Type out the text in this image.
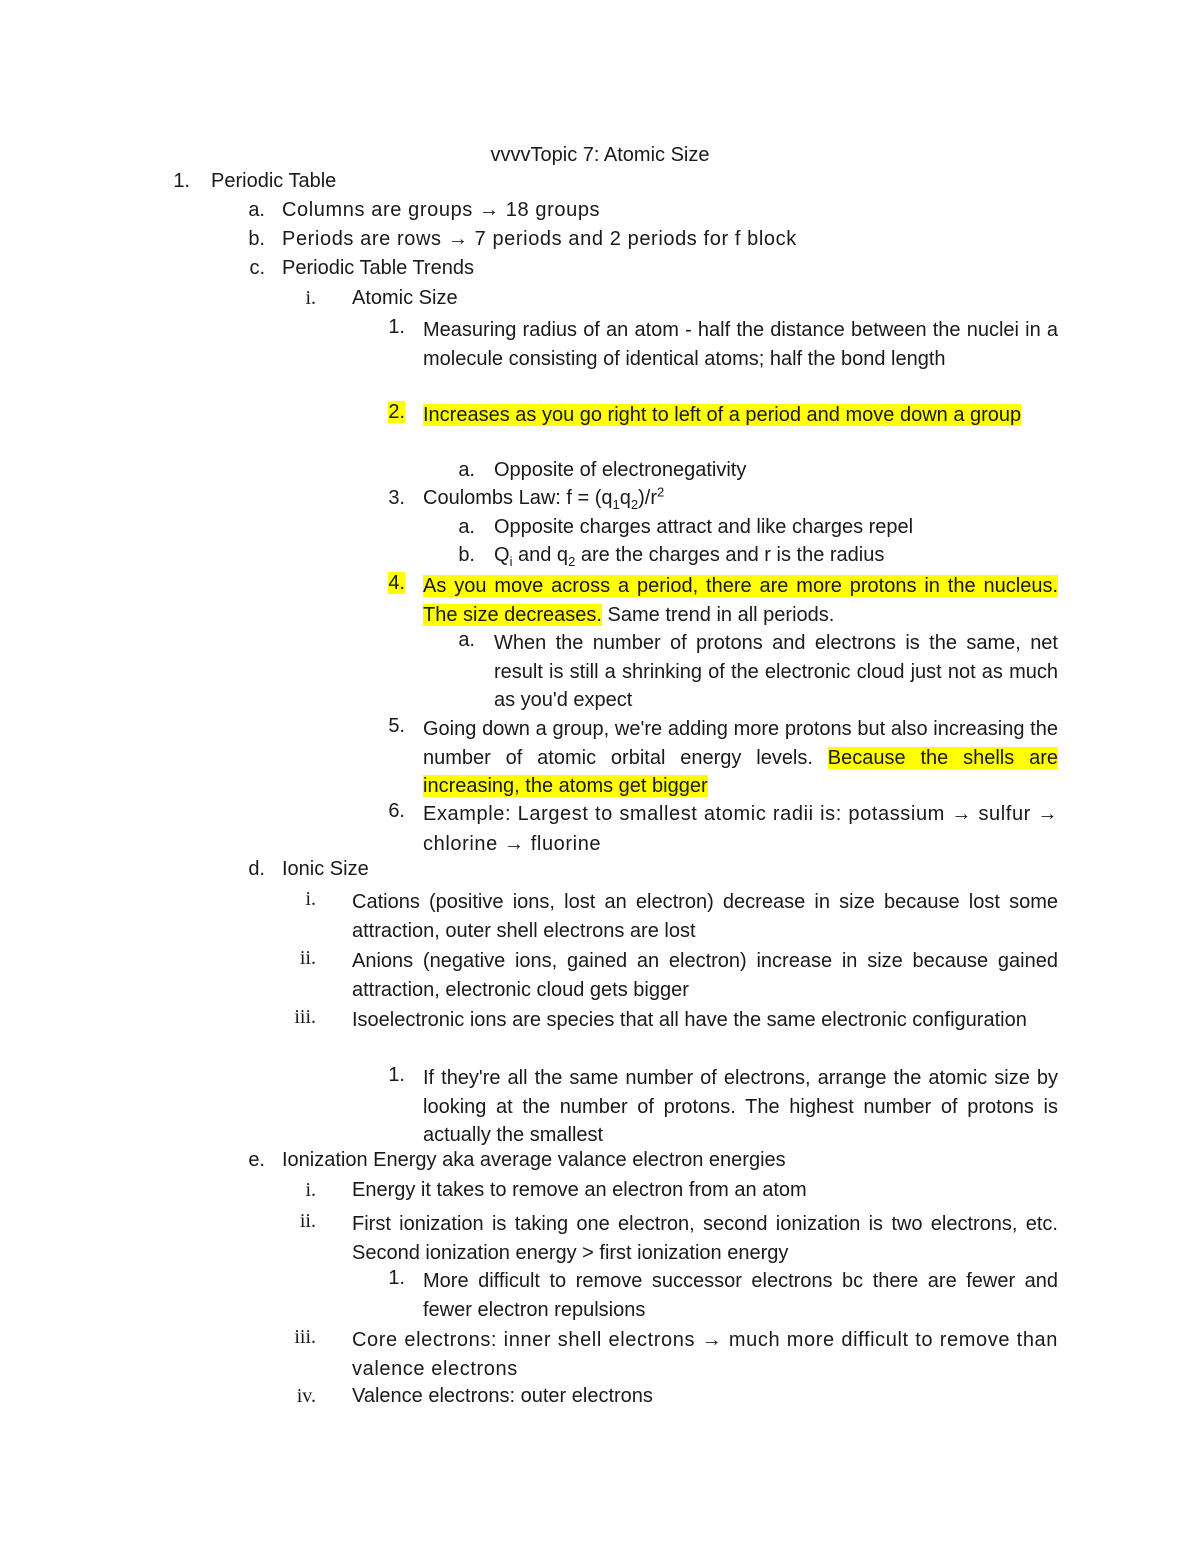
vvvvTopic 7: Atomic Size
1. Periodic Table
a. Columns are groups → 18 groups
b. Periods are rows → 7 periods and 2 periods for f block
c. Periodic Table Trends
i. Atomic Size
1. Measuring radius of an atom - half the distance between the nuclei in a molecule consisting of identical atoms; half the bond length
2. Increases as you go right to left of a period and move down a group
a. Opposite of electronegativity
3. Coulombs Law: $f = (q_1q_2)/r^2$
a. Opposite charges attract and like charges repel
b. $Q_i$ and $q_2$ are the charges and r is the radius
4. As you move across a period, there are more protons in the nucleus. The size decreases. Same trend in all periods.
a. When the number of protons and electrons is the same, net result is still a shrinking of the electronic cloud just not as much as you'd expect
5. Going down a group, we're adding more protons but also increasing the number of atomic orbital energy levels. Because the shells are increasing, the atoms get bigger
6. Example: Largest to smallest atomic radii is: potassium → sulfur → chlorine → fluorine
d. Ionic Size
i. Cations (positive ions, lost an electron) decrease in size because lost some attraction, outer shell electrons are lost
ii. Anions (negative ions, gained an electron) increase in size because gained attraction, electronic cloud gets bigger
iii. Isoelectronic ions are species that all have the same electronic configuration
1. If they're all the same number of electrons, arrange the atomic size by looking at the number of protons. The highest number of protons is actually the smallest
e. Ionization Energy aka average valance electron energies
i. Energy it takes to remove an electron from an atom
ii. First ionization is taking one electron, second ionization is two electrons, etc. Second ionization energy > first ionization energy
1. More difficult to remove successor electrons bc there are fewer and fewer electron repulsions
iii. Core electrons: inner shell electrons → much more difficult to remove than valence electrons
iv. Valence electrons: outer electrons
